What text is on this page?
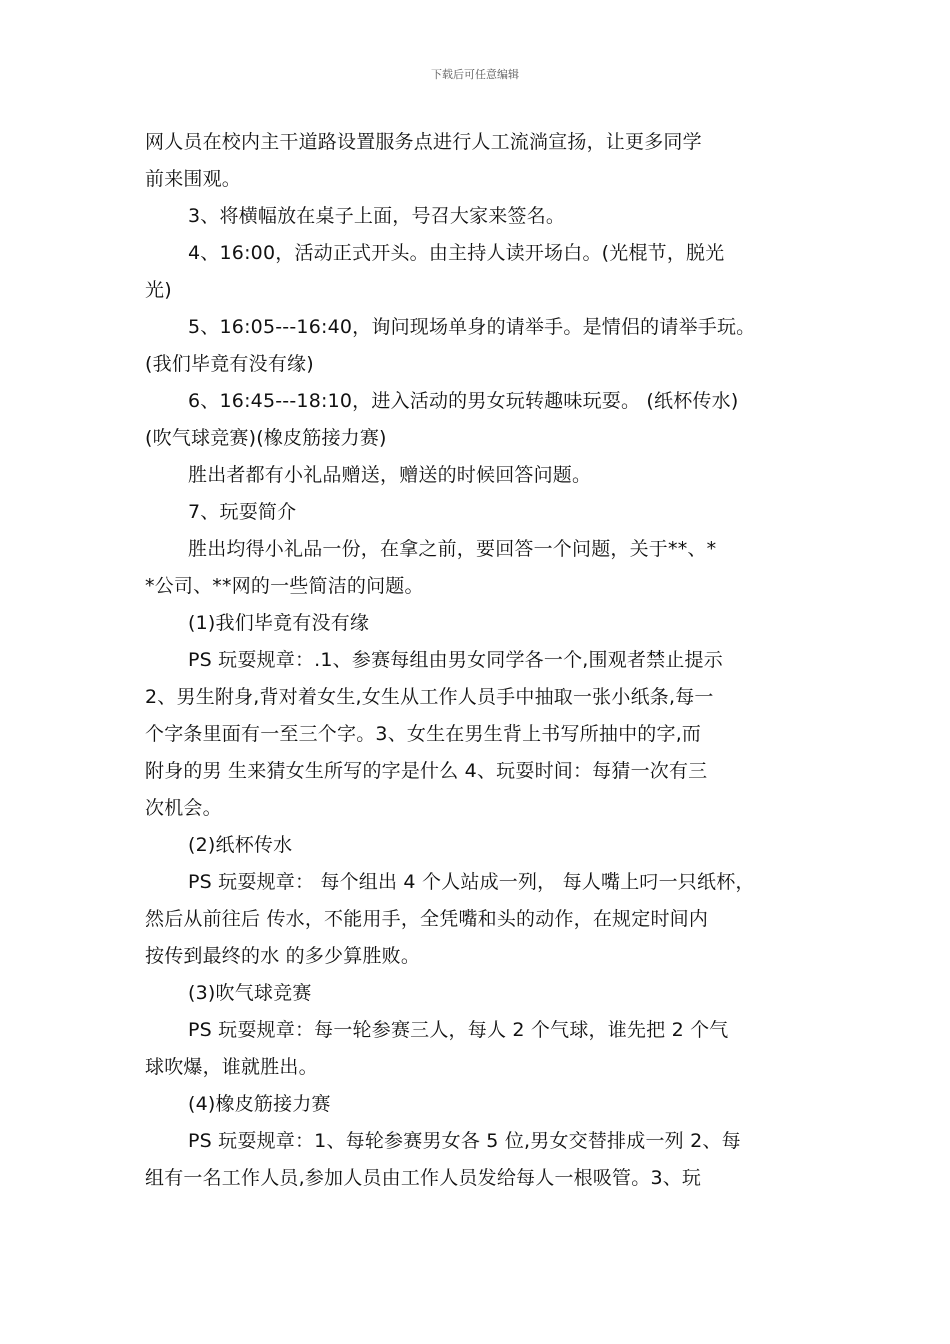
下载后可任意编辑

网人员在校内主干道路设置服务点进行人工流淌宣扬，让更多同学

前来围观。

3、将横幅放在桌子上面，号召大家来签名。

4、16:00，活动正式开头。由主持人读开场白。(光棍节，脱光

光)

5、16:05---16:40，询问现场单身的请举手。是情侣的请举手玩。

(我们毕竟有没有缘)

6、16:45---18:10，进入活动的男女玩转趣味玩耍。 (纸杯传水)

(吹气球竞赛)(橡皮筋接力赛)

胜出者都有小礼品赠送，赠送的时候回答问题。

7、玩耍简介

胜出均得小礼品一份，在拿之前，要回答一个问题，关于**、*

*公司、**网的一些简洁的问题。

(1)我们毕竟有没有缘

PS 玩耍规章：.1、参赛每组由男女同学各一个,围观者禁止提示

2、男生附身,背对着女生,女生从工作人员手中抽取一张小纸条,每一

个字条里面有一至三个字。3、女生在男生背上书写所抽中的字,而

附身的男 生来猜女生所写的字是什么 4、玩耍时间：每猜一次有三

次机会。

(2)纸杯传水

PS 玩耍规章： 每个组出 4 个人站成一列， 每人嘴上叼一只纸杯，

然后从前往后 传水，不能用手，全凭嘴和头的动作，在规定时间内

按传到最终的水 的多少算胜败。

(3)吹气球竞赛

PS 玩耍规章：每一轮参赛三人，每人 2 个气球，谁先把 2 个气

球吹爆，谁就胜出。

(4)橡皮筋接力赛

PS 玩耍规章：1、每轮参赛男女各 5 位,男女交替排成一列 2、每

组有一名工作人员,参加人员由工作人员发给每人一根吸管。3、玩
